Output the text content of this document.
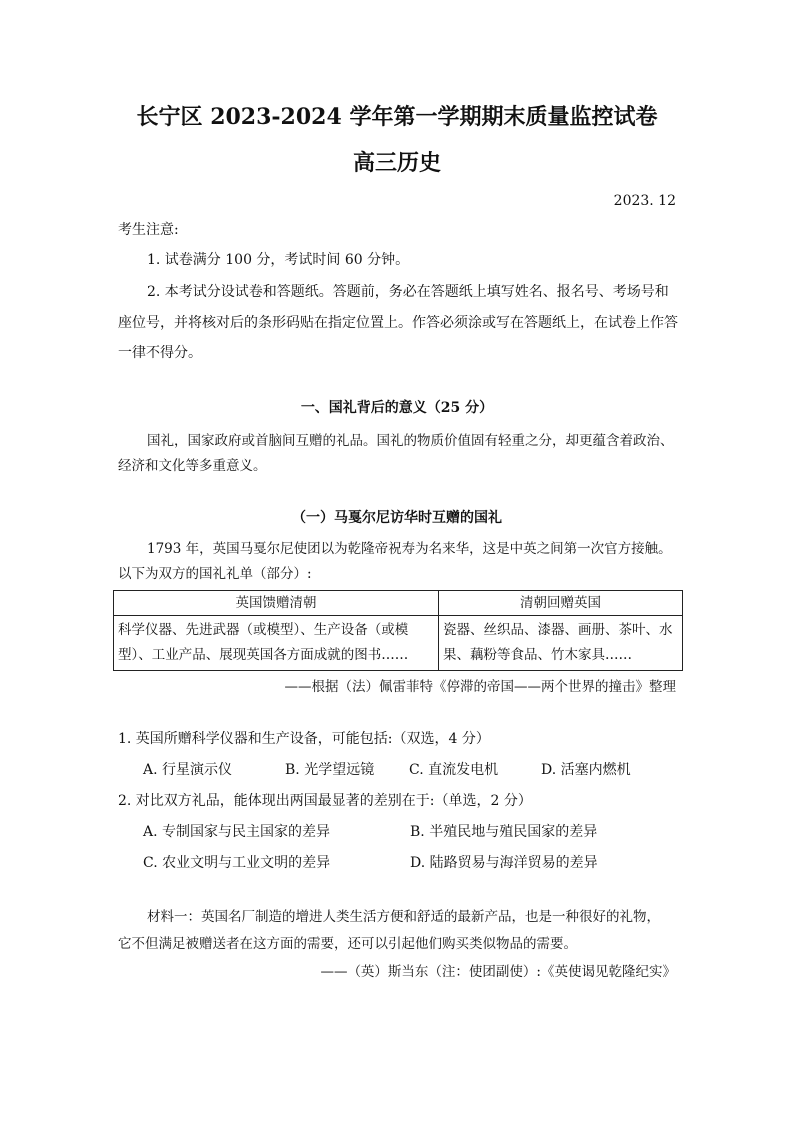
长宁区 2023-2024 学年第一学期期末质量监控试卷
高三历史
2023. 12
考生注意:
1. 试卷满分 100 分，考试时间 60 分钟。
2. 本考试分设试卷和答题纸。答题前，务必在答题纸上填写姓名、报名号、考场号和
座位号，并将核对后的条形码贴在指定位置上。作答必须涂或写在答题纸上，在试卷上作答
一律不得分。
一、国礼背后的意义（25 分）
国礼，国家政府或首脑间互赠的礼品。国礼的物质价值固有轻重之分，却更蕴含着政治、
经济和文化等多重意义。
（一）马戛尔尼访华时互赠的国礼
1793 年，英国马戛尔尼使团以为乾隆帝祝寿为名来华，这是中英之间第一次官方接触。
以下为双方的国礼礼单（部分）:
英国馈赠清朝	清朝回赠英国
科学仪器、先进武器（或模型）、生产设备（或模型）、工业产品、展现英国各方面成就的图书……	瓷器、丝织品、漆器、画册、茶叶、水果、藕粉等食品、竹木家具……
——根据（法）佩雷菲特《停滞的帝国——两个世界的撞击》整理
1. 英国所赠科学仪器和生产设备，可能包括:（双选，4 分）
A. 行星演示仪	B. 光学望远镜 C. 直流发电机	D. 活塞内燃机
2. 对比双方礼品，能体现出两国最显著的差别在于:（单选，2 分）
A. 专制国家与民主国家的差异	B. 半殖民地与殖民国家的差异
C. 农业文明与工业文明的差异	D. 陆路贸易与海洋贸易的差异
材料一：英国名厂制造的增进人类生活方便和舒适的最新产品，也是一种很好的礼物，
它不但满足被赠送者在这方面的需要，还可以引起他们购买类似物品的需要。
——（英）斯当东（注：使团副使）:《英使谒见乾隆纪实》
